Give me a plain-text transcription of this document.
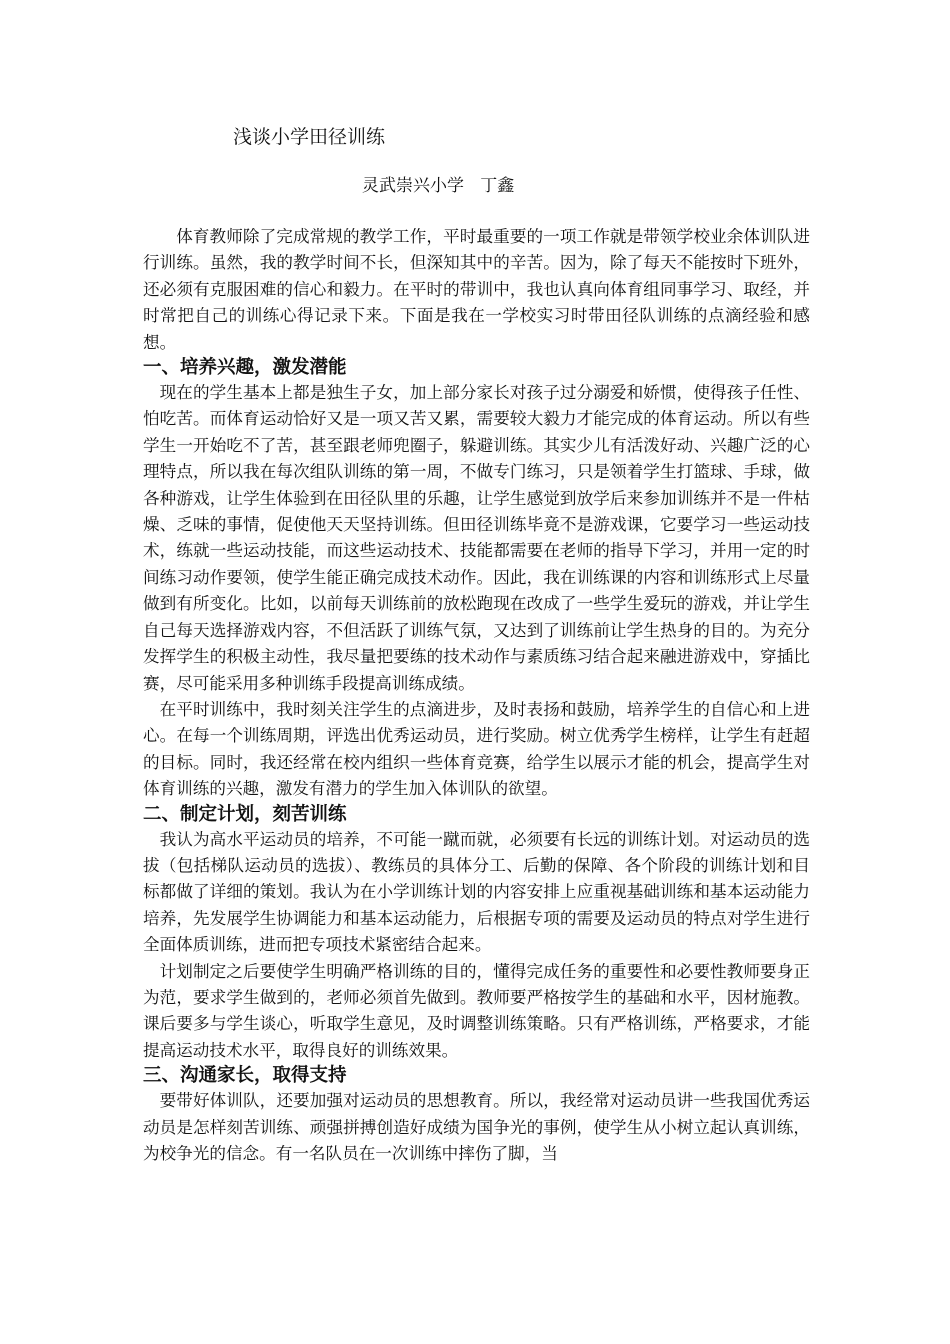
浅谈小学田径训练
灵武崇兴小学   丁鑫

体育教师除了完成常规的教学工作，平时最重要的一项工作就是带领学校业余体训队进行训练。虽然，我的教学时间不长，但深知其中的辛苦。因为，除了每天不能按时下班外，还必须有克服困难的信心和毅力。在平时的带训中，我也认真向体育组同事学习、取经，并时常把自己的训练心得记录下来。下面是我在一学校实习时带田径队训练的点滴经验和感想。

一、培养兴趣，激发潜能

现在的学生基本上都是独生子女，加上部分家长对孩子过分溺爱和娇惯，使得孩子任性、怕吃苦。而体育运动恰好又是一项又苦又累，需要较大毅力才能完成的体育运动。所以有些学生一开始吃不了苦，甚至跟老师兜圈子，躲避训练。其实少儿有活泼好动、兴趣广泛的心理特点，所以我在每次组队训练的第一周，不做专门练习，只是领着学生打篮球、手球，做各种游戏，让学生体验到在田径队里的乐趣，让学生感觉到放学后来参加训练并不是一件枯燥、乏味的事情，促使他天天坚持训练。但田径训练毕竟不是游戏课，它要学习一些运动技术，练就一些运动技能，而这些运动技术、技能都需要在老师的指导下学习，并用一定的时间练习动作要领，使学生能正确完成技术动作。因此，我在训练课的内容和训练形式上尽量做到有所变化。比如，以前每天训练前的放松跑现在改成了一些学生爱玩的游戏，并让学生自己每天选择游戏内容，不但活跃了训练气氛，又达到了训练前让学生热身的目的。为充分发挥学生的积极主动性，我尽量把要练的技术动作与素质练习结合起来融进游戏中，穿插比赛，尽可能采用多种训练手段提高训练成绩。

在平时训练中，我时刻关注学生的点滴进步，及时表扬和鼓励，培养学生的自信心和上进心。在每一个训练周期，评选出优秀运动员，进行奖励。树立优秀学生榜样，让学生有赶超的目标。同时，我还经常在校内组织一些体育竞赛，给学生以展示才能的机会，提高学生对体育训练的兴趣，激发有潜力的学生加入体训队的欲望。

二、制定计划，刻苦训练

我认为高水平运动员的培养，不可能一蹴而就，必须要有长远的训练计划。对运动员的选拔（包括梯队运动员的选拔）、教练员的具体分工、后勤的保障、各个阶段的训练计划和目标都做了详细的策划。我认为在小学训练计划的内容安排上应重视基础训练和基本运动能力培养，先发展学生协调能力和基本运动能力，后根据专项的需要及运动员的特点对学生进行全面体质训练，进而把专项技术紧密结合起来。

计划制定之后要使学生明确严格训练的目的，懂得完成任务的重要性和必要性教师要身正为范，要求学生做到的，老师必须首先做到。教师要严格按学生的基础和水平，因材施教。课后要多与学生谈心，听取学生意见，及时调整训练策略。只有严格训练，严格要求，才能提高运动技术水平，取得良好的训练效果。

三、沟通家长，取得支持

要带好体训队，还要加强对运动员的思想教育。所以，我经常对运动员讲一些我国优秀运动员是怎样刻苦训练、顽强拼搏创造好成绩为国争光的事例，使学生从小树立起认真训练，为校争光的信念。有一名队员在一次训练中摔伤了脚，当
